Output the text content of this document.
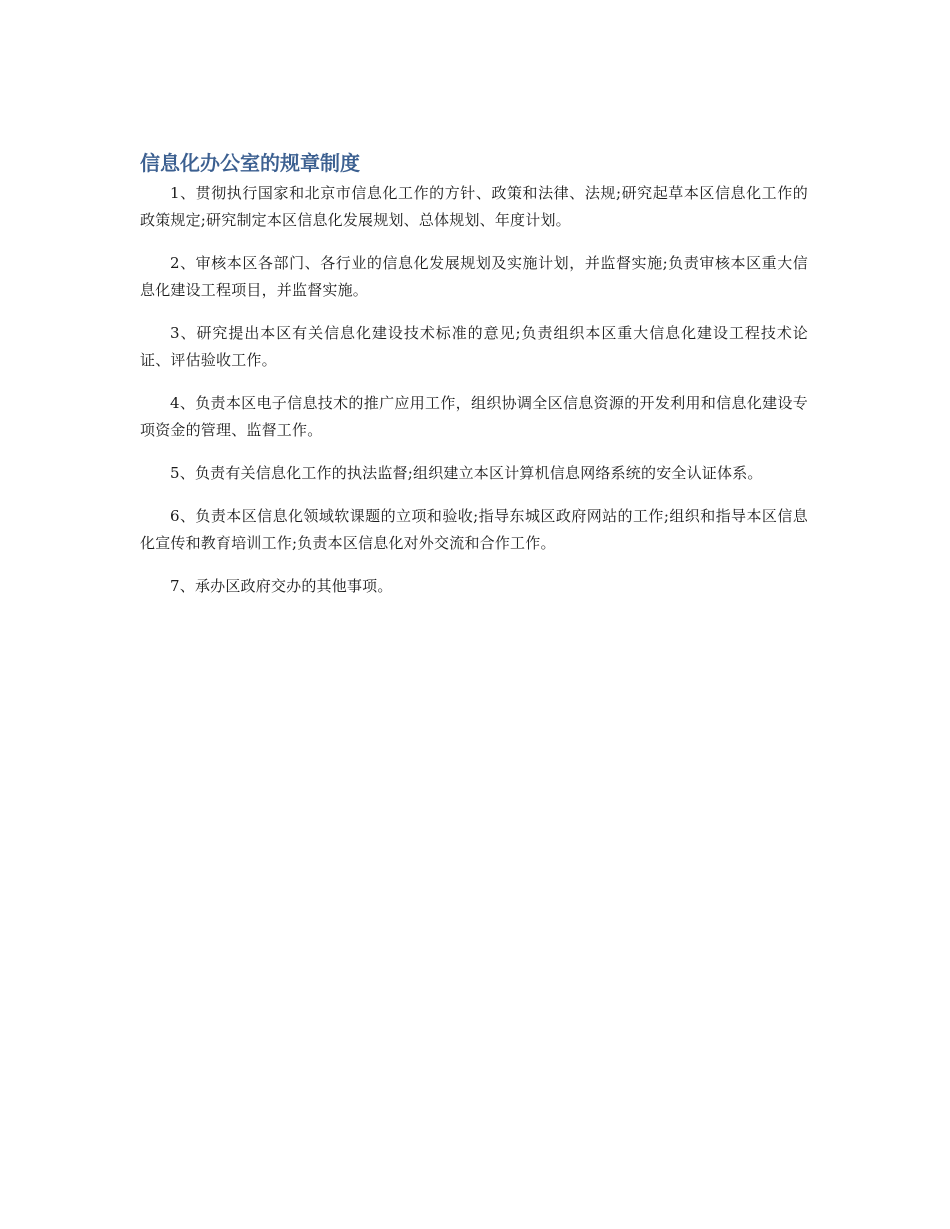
信息化办公室的规章制度

1、贯彻执行国家和北京市信息化工作的方针、政策和法律、法规;研究起草本区信息化工作的政策规定;研究制定本区信息化发展规划、总体规划、年度计划。

2、审核本区各部门、各行业的信息化发展规划及实施计划，并监督实施;负责审核本区重大信息化建设工程项目，并监督实施。

3、研究提出本区有关信息化建设技术标准的意见;负责组织本区重大信息化建设工程技术论证、评估验收工作。

4、负责本区电子信息技术的推广应用工作，组织协调全区信息资源的开发利用和信息化建设专项资金的管理、监督工作。

5、负责有关信息化工作的执法监督;组织建立本区计算机信息网络系统的安全认证体系。

6、负责本区信息化领域软课题的立项和验收;指导东城区政府网站的工作;组织和指导本区信息化宣传和教育培训工作;负责本区信息化对外交流和合作工作。

7、承办区政府交办的其他事项。
